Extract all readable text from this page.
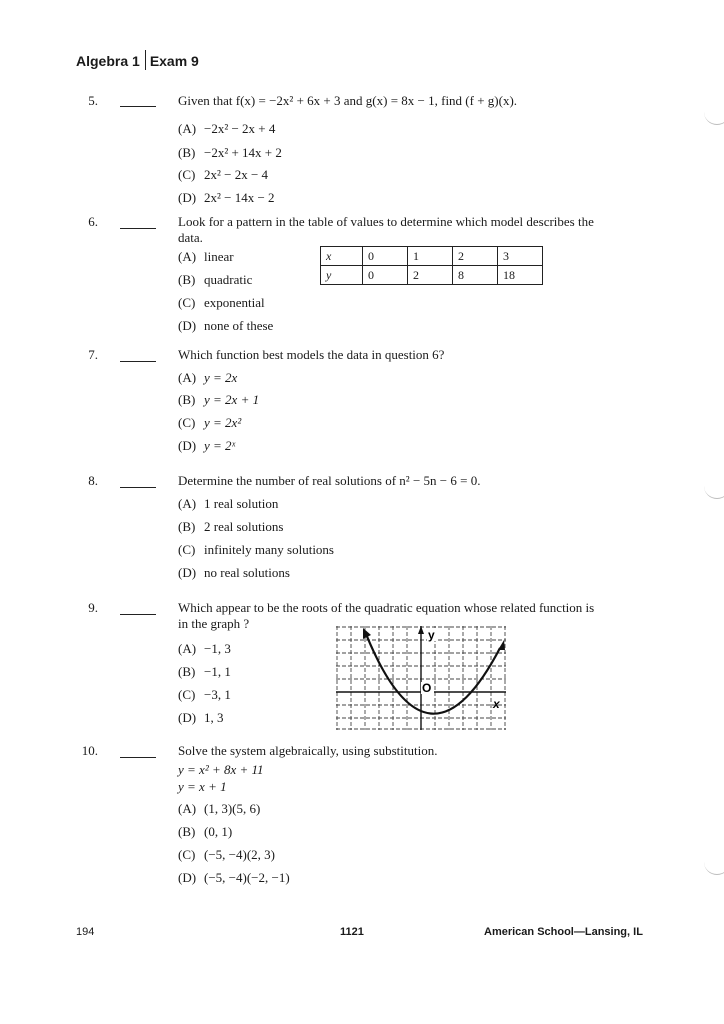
Algebra 1 Exam 9
5.	Given that f(x) = −2x² + 6x + 3 and g(x) = 8x − 1, find (f + g)(x).
(A) −2x² − 2x + 4
(B) −2x² + 14x + 2
(C) 2x² − 2x − 4
(D) 2x² − 14x − 2
6.	Look for a pattern in the table of values to determine which model describes the
data.
(A) linear
(B) quadratic
(C) exponential
(D) none of these
x	0	1	2	3
y	0	2	8	18
7.	Which function best models the data in question 6?
(A) y = 2x
(B) y = 2x + 1
(C) y = 2x²
(D) y = 2ˣ
8.	Determine the number of real solutions of n² − 5n − 6 = 0.
(A) 1 real solution
(B) 2 real solutions
(C) infinitely many solutions
(D) no real solutions
9.	Which appear to be the roots of the quadratic equation whose related function is
in the graph ?
(A) −1, 3
(B) −1, 1
(C) −3, 1
(D) 1, 3
y
O
x
10.	Solve the system algebraically, using substitution.
y = x² + 8x + 11
y = x + 1
(A) (1, 3)(5, 6)
(B) (0, 1)
(C) (−5, −4)(2, 3)
(D) (−5, −4)(−2, −1)
194	1121	American School—Lansing, IL
